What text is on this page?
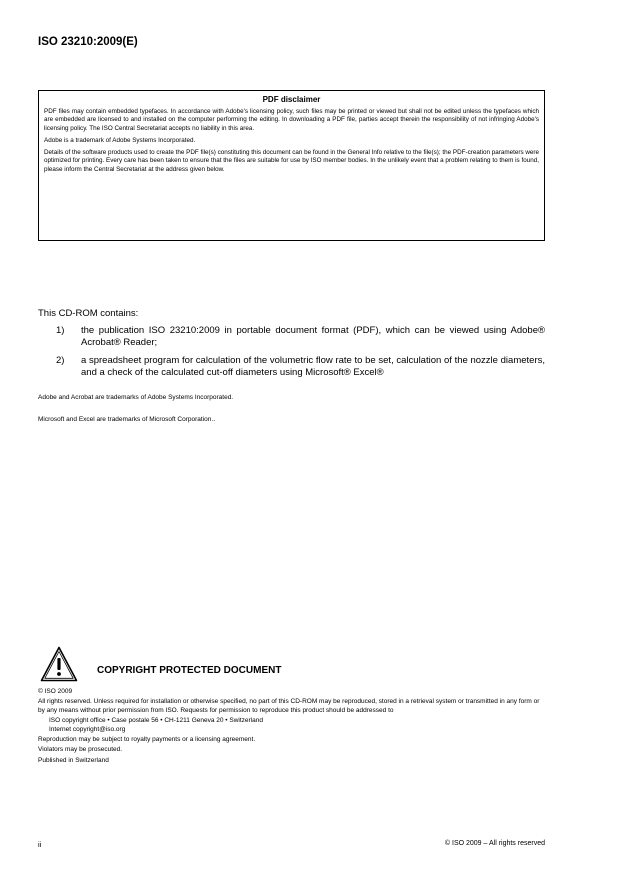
ISO 23210:2009(E)

PDF disclaimer

PDF files may contain embedded typefaces. In accordance with Adobe's licensing policy, such files may be printed or viewed but shall not be edited unless the typefaces which are embedded are licensed to and installed on the computer performing the editing. In downloading a PDF file, parties accept therein the responsibility of not infringing Adobe's licensing policy. The ISO Central Secretariat accepts no liability in this area.

Adobe is a trademark of Adobe Systems Incorporated.

Details of the software products used to create the PDF file(s) constituting this document can be found in the General Info relative to the file(s); the PDF-creation parameters were optimized for printing. Every care has been taken to ensure that the files are suitable for use by ISO member bodies. In the unlikely event that a problem relating to them is found, please inform the Central Secretariat at the address given below.

This CD-ROM contains:
1) the publication ISO 23210:2009 in portable document format (PDF), which can be viewed using Adobe® Acrobat® Reader;
2) a spreadsheet program for calculation of the volumetric flow rate to be set, calculation of the nozzle diameters, and a check of the calculated cut-off diameters using Microsoft® Excel®
Adobe and Acrobat are trademarks of Adobe Systems Incorporated.
Microsoft and Excel are trademarks of Microsoft Corporation..
COPYRIGHT PROTECTED DOCUMENT

© ISO 2009

All rights reserved. Unless required for installation or otherwise specified, no part of this CD-ROM may be reproduced, stored in a retrieval system or transmitted in any form or by any means without prior permission from ISO. Requests for permission to reproduce this product should be addressed to

ISO copyright office • Case postale 56 • CH-1211 Geneva 20 • Switzerland

Internet copyright@iso.org

Reproduction may be subject to royalty payments or a licensing agreement.

Violators may be prosecuted.

Published in Switzerland

ii	© ISO 2009 – All rights reserved
